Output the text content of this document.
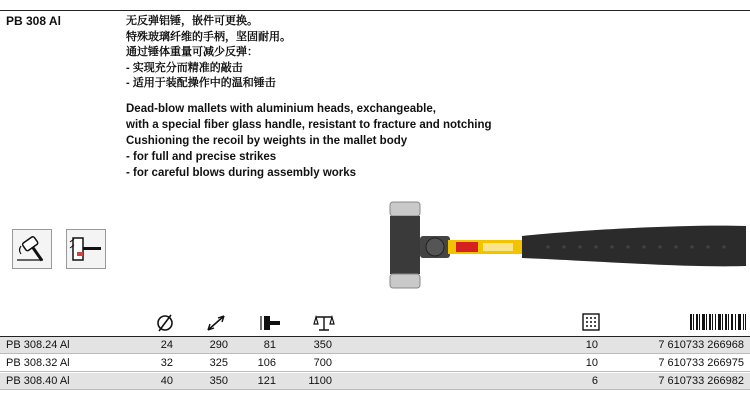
PB 308 Al	无反弹铝锤，嵌件可更换。
特殊玻璃纤维的手柄，坚固耐用。
通过锤体重量可减少反弹：
- 实现充分而精准的敲击
- 适用于装配操作中的温和锤击
Dead-blow mallets with aluminium heads, exchangeable,
with a special fiber glass handle, resistant to fracture and notching
Cushioning the recoil by weights in the mallet body
- for full and precise strikes
- for careful blows during assembly works
PB 308.24 Al	24	290	81	350	10	7 610733 266968
PB 308.32 Al	32	325	106	700	10	7 610733 266975
PB 308.40 Al	40	350	121	1100	6	7 610733 266982
